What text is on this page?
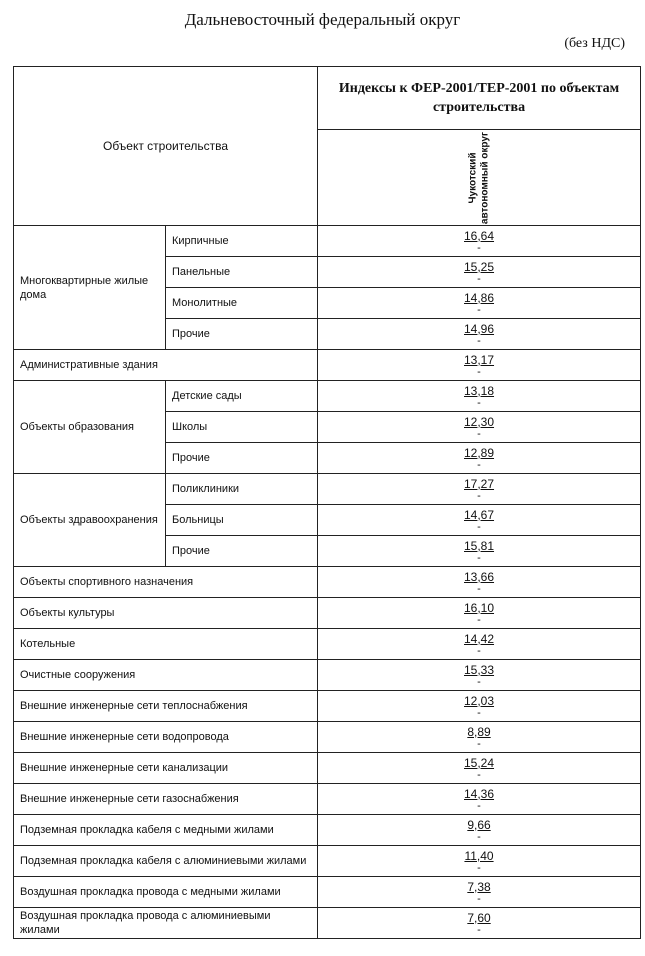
Дальневосточный федеральный округ
(без НДС)
Объект строительства		Индексы к ФЕР-2001/ТЕР-2001 по объектам строительства

		Чукотский автономный округ

Многоквартирные жилые дома	Кирпичные	16,64
-

	Панельные	15,25
-

	Монолитные	14,86
-

	Прочие	14,96
-

Административные здания		13,17
-

Объекты образования	Детские сады	13,18
-

	Школы	12,30
-

	Прочие	12,89
-

Объекты здравоохранения	Поликлиники	17,27
-

	Больницы	14,67
-

	Прочие	15,81
-

Объекты спортивного назначения		13,66
-

Объекты культуры		16,10
-

Котельные		14,42
-

Очистные сооружения		15,33
-

Внешние инженерные сети теплоснабжения		12,03
-

Внешние инженерные сети водопровода		8,89
-

Внешние инженерные сети канализации		15,24
-

Внешние инженерные сети газоснабжения		14,36
-

Подземная прокладка кабеля с медными жилами		9,66
-

Подземная прокладка кабеля с алюминиевыми жилами		11,40
-

Воздушная прокладка провода с медными жилами		7,38
-

Воздушная прокладка провода с алюминиевыми жилами		7,60
-
